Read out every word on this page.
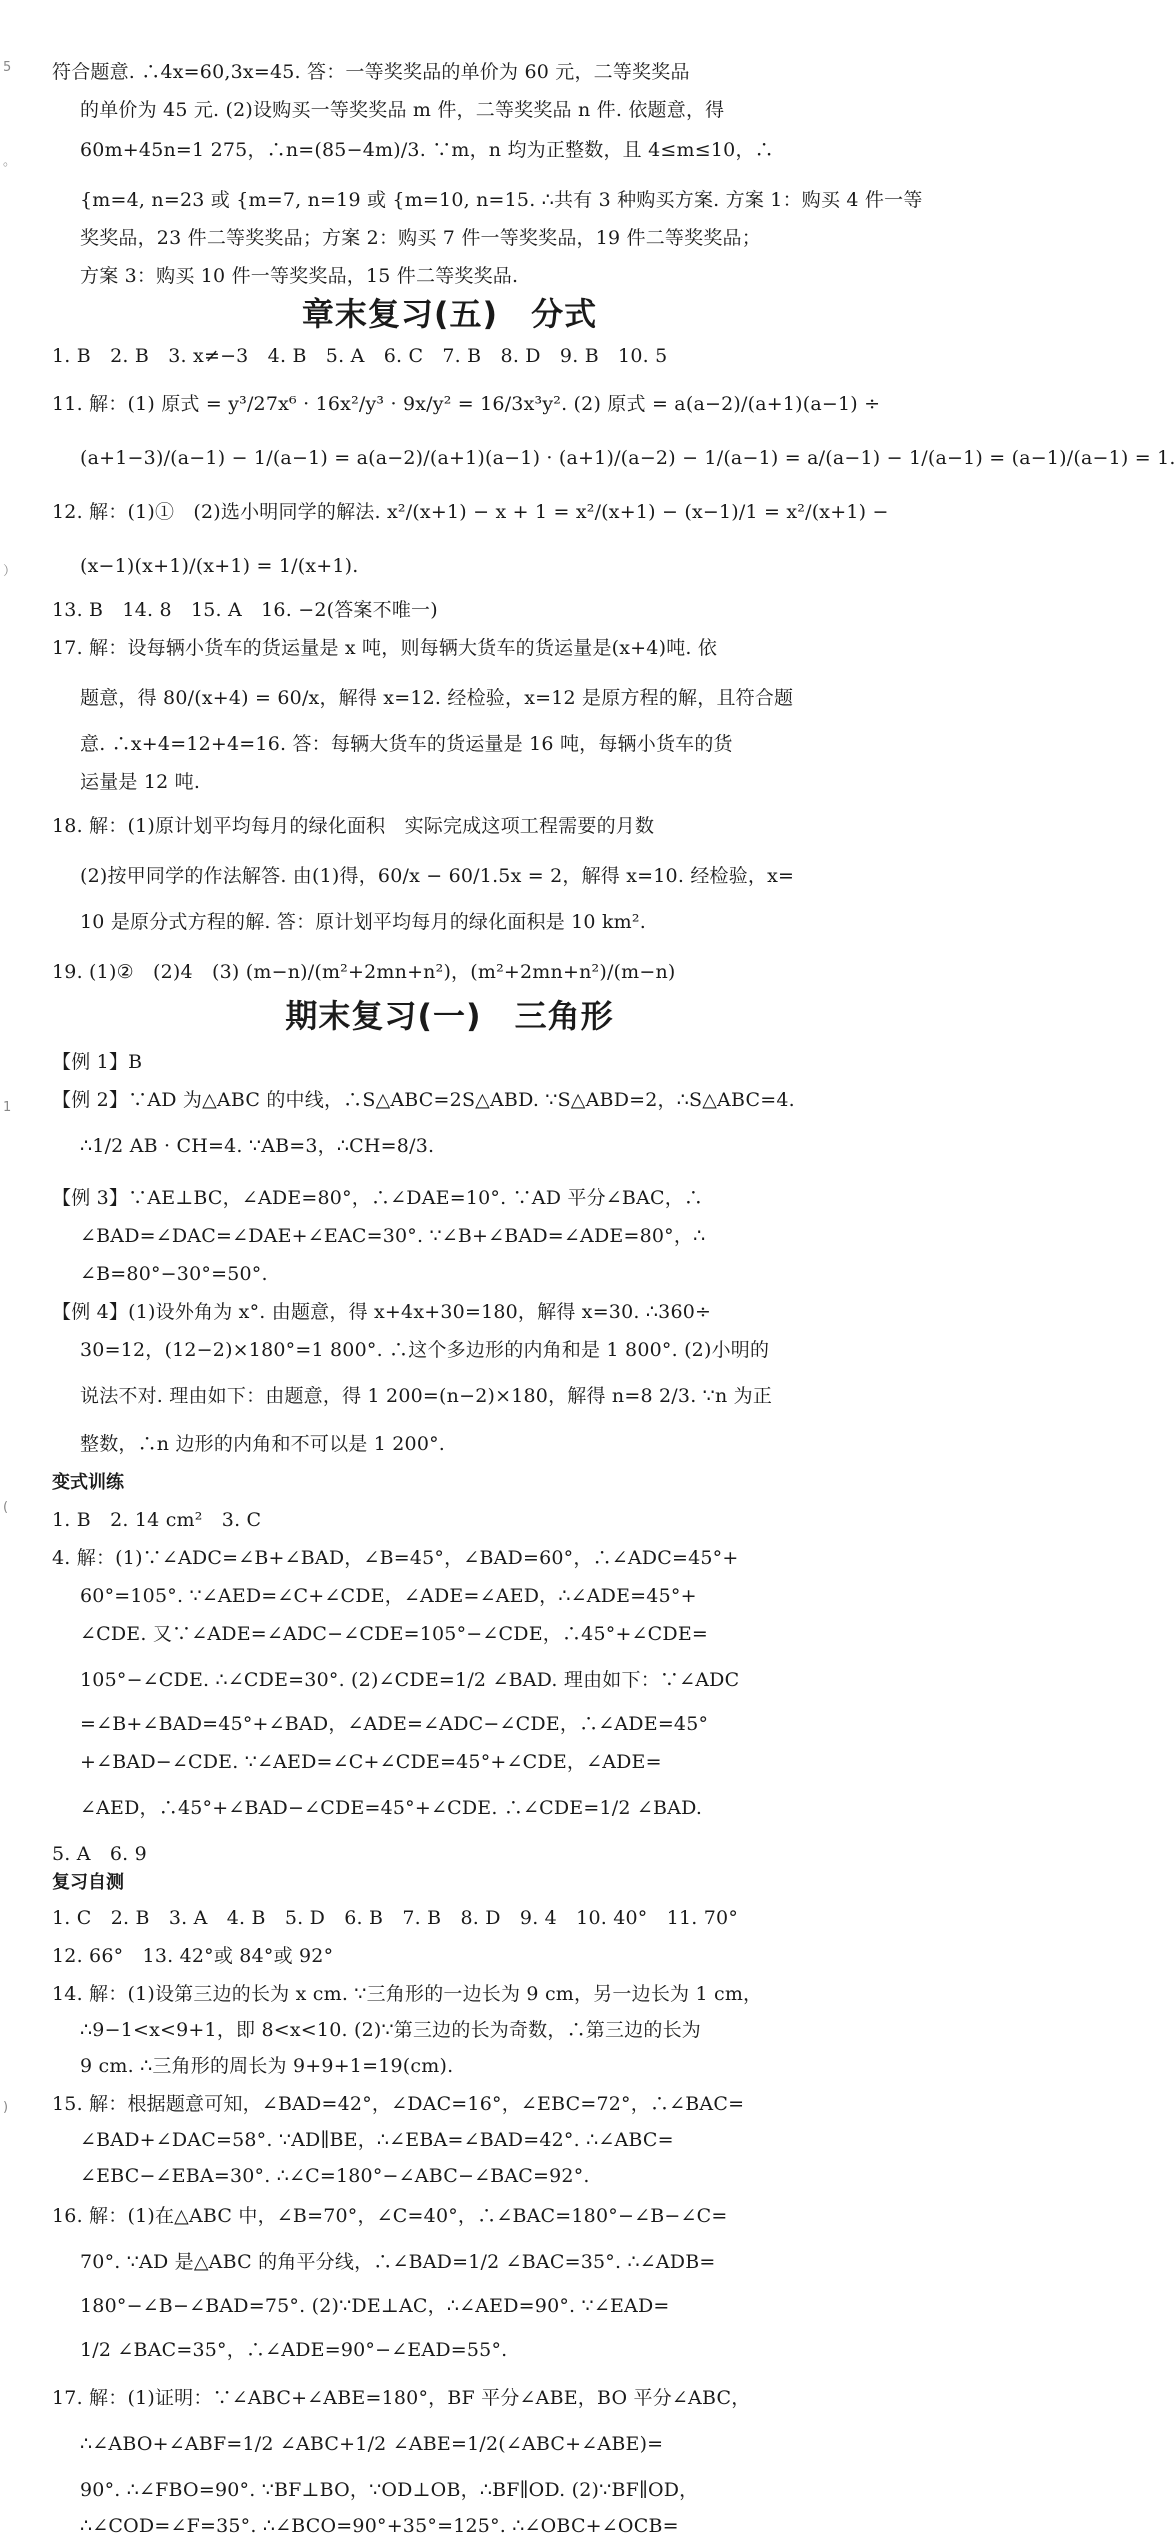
5
。
）
1
(
)
符合题意. ∴4x=60,3x=45. 答：一等奖奖品的单价为 60 元，二等奖奖品
的单价为 45 元. (2)设购买一等奖奖品 m 件，二等奖奖品 n 件. 依题意，得
60m+45n=1 275，∴n=(85−4m)/3. ∵m，n 均为正整数，且 4≤m≤10，∴
{m=4, n=23 或 {m=7, n=19 或 {m=10, n=15. ∴共有 3 种购买方案. 方案 1：购买 4 件一等
奖奖品，23 件二等奖奖品；方案 2：购买 7 件一等奖奖品，19 件二等奖奖品；
方案 3：购买 10 件一等奖奖品，15 件二等奖奖品.
章末复习(五)　分式
1. B　2. B　3. x≠−3　4. B　5. A　6. C　7. B　8. D　9. B　10. 5
11. 解：(1) 原式 = y³/27x⁶ · 16x²/y³ · 9x/y² = 16/3x³y². (2) 原式 = a(a−2)/(a+1)(a−1) ÷
(a+1−3)/(a−1) − 1/(a−1) = a(a−2)/(a+1)(a−1) · (a+1)/(a−2) − 1/(a−1) = a/(a−1) − 1/(a−1) = (a−1)/(a−1) = 1.
12. 解：(1)①　(2)选小明同学的解法. x²/(x+1) − x + 1 = x²/(x+1) − (x−1)/1 = x²/(x+1) −
(x−1)(x+1)/(x+1) = 1/(x+1).
13. B　14. 8　15. A　16. −2(答案不唯一)
17. 解：设每辆小货车的货运量是 x 吨，则每辆大货车的货运量是(x+4)吨. 依
题意，得 80/(x+4) = 60/x，解得 x=12. 经检验，x=12 是原方程的解，且符合题
意. ∴x+4=12+4=16. 答：每辆大货车的货运量是 16 吨，每辆小货车的货
运量是 12 吨.
18. 解：(1)原计划平均每月的绿化面积　实际完成这项工程需要的月数
(2)按甲同学的作法解答. 由(1)得，60/x − 60/1.5x = 2，解得 x=10. 经检验，x=
10 是原分式方程的解. 答：原计划平均每月的绿化面积是 10 km².
19. (1)②　(2)4　(3) (m−n)/(m²+2mn+n²)，(m²+2mn+n²)/(m−n)
期末复习(一)　三角形
【例 1】B
【例 2】∵AD 为△ABC 的中线，∴S△ABC=2S△ABD. ∵S△ABD=2，∴S△ABC=4.
∴1/2 AB · CH=4. ∵AB=3，∴CH=8/3.
【例 3】∵AE⊥BC，∠ADE=80°，∴∠DAE=10°. ∵AD 平分∠BAC，∴
∠BAD=∠DAC=∠DAE+∠EAC=30°. ∵∠B+∠BAD=∠ADE=80°，∴
∠B=80°−30°=50°.
【例 4】(1)设外角为 x°. 由题意，得 x+4x+30=180，解得 x=30. ∴360÷
30=12，(12−2)×180°=1 800°. ∴这个多边形的内角和是 1 800°. (2)小明的
说法不对. 理由如下：由题意，得 1 200=(n−2)×180，解得 n=8 2/3. ∵n 为正
整数，∴n 边形的内角和不可以是 1 200°.
变式训练
1. B　2. 14 cm²　3. C
4. 解：(1)∵∠ADC=∠B+∠BAD，∠B=45°，∠BAD=60°，∴∠ADC=45°+
60°=105°. ∵∠AED=∠C+∠CDE，∠ADE=∠AED，∴∠ADE=45°+
∠CDE. 又∵∠ADE=∠ADC−∠CDE=105°−∠CDE，∴45°+∠CDE=
105°−∠CDE. ∴∠CDE=30°. (2)∠CDE=1/2 ∠BAD. 理由如下：∵∠ADC
=∠B+∠BAD=45°+∠BAD，∠ADE=∠ADC−∠CDE，∴∠ADE=45°
+∠BAD−∠CDE. ∵∠AED=∠C+∠CDE=45°+∠CDE，∠ADE=
∠AED，∴45°+∠BAD−∠CDE=45°+∠CDE. ∴∠CDE=1/2 ∠BAD.
5. A　6. 9
复习自测
1. C　2. B　3. A　4. B　5. D　6. B　7. B　8. D　9. 4　10. 40°　11. 70°
12. 66°　13. 42°或 84°或 92°
14. 解：(1)设第三边的长为 x cm. ∵三角形的一边长为 9 cm，另一边长为 1 cm，
∴9−1<x<9+1，即 8<x<10. (2)∵第三边的长为奇数，∴第三边的长为
9 cm. ∴三角形的周长为 9+9+1=19(cm).
15. 解：根据题意可知，∠BAD=42°，∠DAC=16°，∠EBC=72°，∴∠BAC=
∠BAD+∠DAC=58°. ∵AD∥BE，∴∠EBA=∠BAD=42°. ∴∠ABC=
∠EBC−∠EBA=30°. ∴∠C=180°−∠ABC−∠BAC=92°.
16. 解：(1)在△ABC 中，∠B=70°，∠C=40°，∴∠BAC=180°−∠B−∠C=
70°. ∵AD 是△ABC 的角平分线，∴∠BAD=1/2 ∠BAC=35°. ∴∠ADB=
180°−∠B−∠BAD=75°. (2)∵DE⊥AC，∴∠AED=90°. ∵∠EAD=
1/2 ∠BAC=35°，∴∠ADE=90°−∠EAD=55°.
17. 解：(1)证明：∵∠ABC+∠ABE=180°，BF 平分∠ABE，BO 平分∠ABC，
∴∠ABO+∠ABF=1/2 ∠ABC+1/2 ∠ABE=1/2(∠ABC+∠ABE)=
90°. ∴∠FBO=90°. ∵BF⊥BO，∵OD⊥OB，∴BF∥OD. (2)∵BF∥OD，
∴∠COD=∠F=35°. ∴∠BCO=90°+35°=125°. ∴∠OBC+∠OCB=
